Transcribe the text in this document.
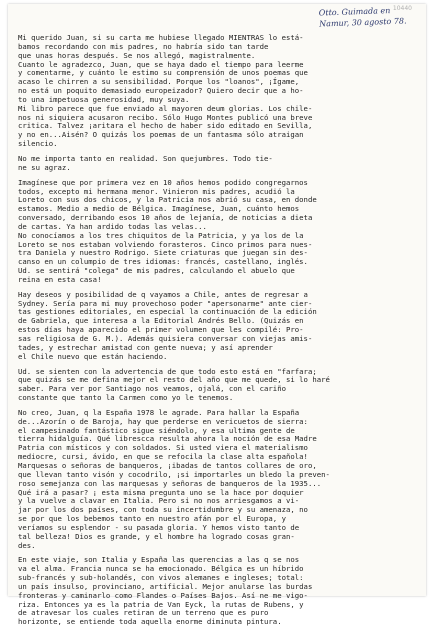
10440
Otto. Guimada en
Namur, 30 agosto 78.
Mi querido Juan, si su carta me hubiese llegado MIENTRAS lo está-
bamos recordando con mis padres, no habría sido tan tarde
que unas horas después. Se nos allegó, magistralmente.
Cuanto le agradezco, Juan, que se haya dado el tiempo para leerme
y comentarme, y cuánto le estimo su comprensión de unos poemas que
acaso le chirren a su sensibilidad. Porque los "loanos", ¡Ígame,
no está un poquito demasiado europeizador? Quiero decir que a ho-
to una impetuosa generosidad, muy suya.
Mi libro parece que fue enviado al mayoren deum glorias. Los chile-
nos ni siquiera acusaron recibo. Sólo Hugo Montes publicó una breve
critica. Talvez ¡aritara el hecho de haber sido editado en Sevilla,
y no en...Aisén? O quizás los poemas de un fantasma sólo atraigan
silencio.
No me importa tanto en realidad. Son quejumbres. Todo tie-
ne su agraz.
Imagínese que por primera vez en 10 años hemos podido congregarnos
todos, excepto mi hermana menor. Vinieron mis padres, acudió la
Loreto con sus dos chicos, y la Patricia nos abrió su casa, en donde
estamos. Medio a medio de Bélgica. Imagínese, Juan, cuánto hemos
conversado, derribando esos 10 años de lejanía, de noticias a dieta
de cartas. Ya han ardido todas las velas...
No conocíamos a los tres chiquitos de la Patricia, y ya los de la
Loreto se nos estaban volviendo forasteros. Cinco primos para nues-
tra Daniela y nuestro Rodrigo. Siete criaturas que juegan sin des-
canso en un columpio de tres idiomas: francés, castellano, inglés.
Ud. se sentirá "colega" de mis padres, calculando el abuelo que
reina en esta casa!
Hay deseos y posibilidad de q vayamos a Chile, antes de regresar a
Sydney. Sería para mi muy provechoso poder "apersonarme" ante cier-
tas gestiones editoriales, en especial la continuación de la edición
de Gabriela, que interesa a la Editorial Andrés Bello. (Quizás en
estos días haya aparecido el primer volumen que les compilé: Pro-
sas religiosa de G. M.). Además quisiera conversar con viejas amis-
tades, y estrechar amistad con gente nueva; y así aprender
el Chile nuevo que están haciendo.
Ud. se sienten con la advertencia de que todo esto está en "farfara;
que quizás se me defina mejor el resto del año que me quede, si lo haré
saber. Para ver por Santiago nos veamos, ojalá, con el cariño
constante que tanto la Carmen como yo le tenemos.
No creo, Juan, q la España 1978 le agrade. Para hallar la España
de...Azorín o de Baroja, hay que perderse en vericuetos de sierra:
el campesinado fantástico sigue siéndolo, y esa ultima gente de
tierra hidalguía. Qué librescca resulta ahora la noción de esa Madre
Patria con místicos y con soldados. Si usted viera el materialismo
mediocre, cursi, ávido, en que se refocila la clase alta española!
Marquesas o señoras de banqueros, ¡ibadas de tantos collares de oro,
que llevan tanto visón y cocodrilo, ¡si importarles un bledo la preven-
roso semejanza con las marquesas y señoras de banqueros de la 1935...
Qué irá a pasar? ¡ esta misma pregunta uno se la hace por doquier
y la vuelve a clavar en Italia. Pero si no nos arriesgamos a vi-
jar por los dos países, con toda su incertidumbre y su amenaza, no
se por que los bebemos tanto en nuestro afán por el Europa, y
veríamos su esplendor - su pasada gloria. Y hemos visto tanto de
tal belleza! Dios es grande, y el hombre ha logrado cosas gran-
des.
En este viaje, son Italia y España las querencias a las q se nos
va el alma. Francia nunca se ha emocionado. Bélgica es un híbrido
sub-francés y sub-holandés, con vivos alemanes e ingleses; total:
un país insulso, provinciano, artificial. Mejor anularse las burdas
fronteras y caminarlo como Flandes o Países Bajos. Así ne me vigo-
riza. Entonces ya es la patria de Van Eyck, la rutas de Rubens, y
de atravesar los cuales retiran de un terreno que es puro
horizonte, se entiende toda aquella enorme diminuta pintura.
